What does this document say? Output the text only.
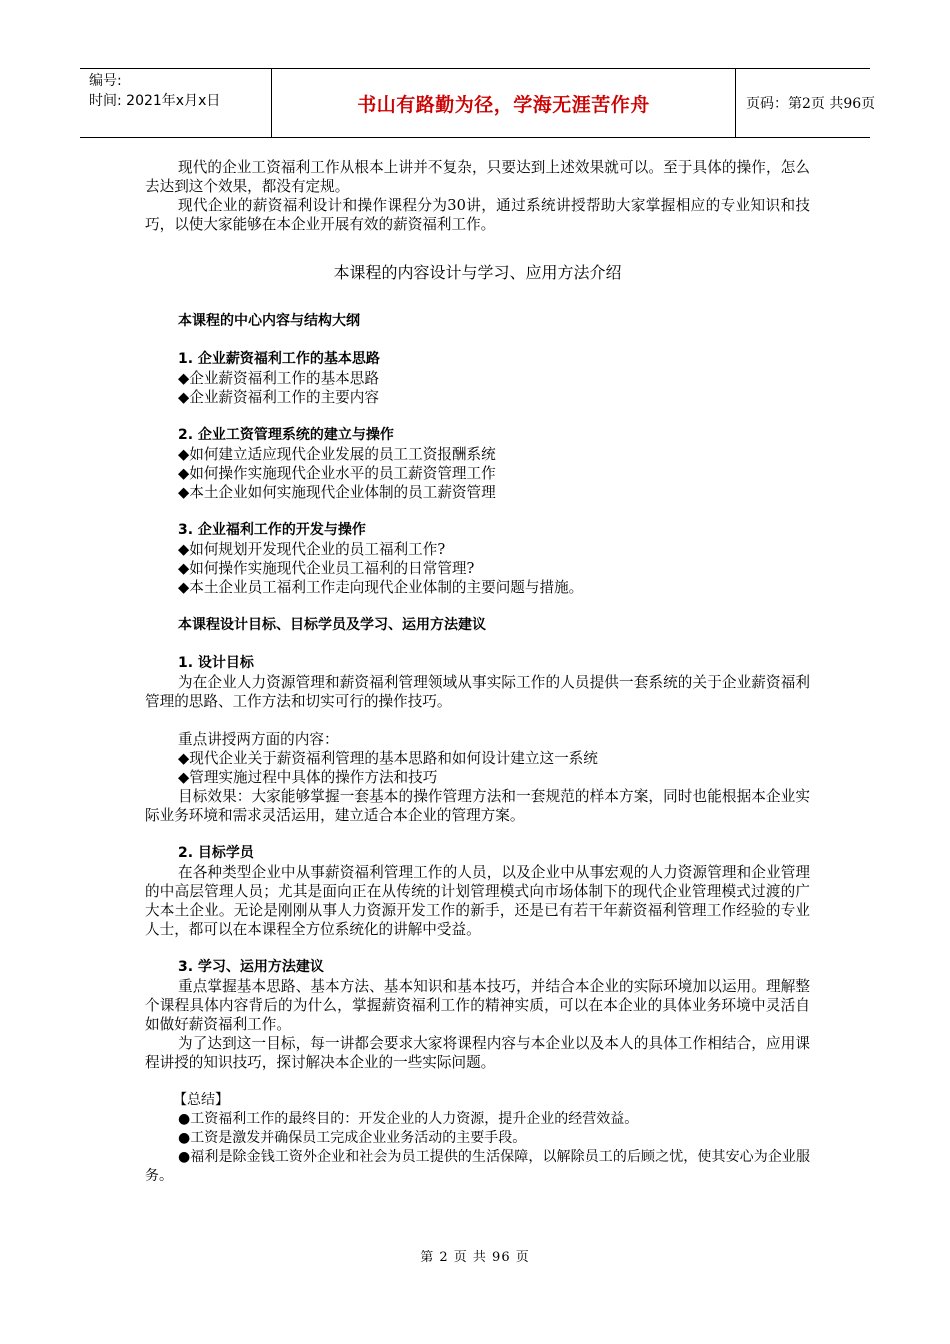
编号:
时间: 2021年x月x日	书山有路勤为径，学海无涯苦作舟	页码：第2页 共96页

现代的企业工资福利工作从根本上讲并不复杂，只要达到上述效果就可以。至于具体的操作，怎么去达到这个效果，都没有定规。

现代企业的薪资福利设计和操作课程分为30讲，通过系统讲授帮助大家掌握相应的专业知识和技巧，以使大家能够在本企业开展有效的薪资福利工作。

本课程的内容设计与学习、应用方法介绍

本课程的中心内容与结构大纲

1. 企业薪资福利工作的基本思路

◆企业薪资福利工作的基本思路

◆企业薪资福利工作的主要内容

2. 企业工资管理系统的建立与操作

◆如何建立适应现代企业发展的员工工资报酬系统

◆如何操作实施现代企业水平的员工薪资管理工作

◆本土企业如何实施现代企业体制的员工薪资管理

3. 企业福利工作的开发与操作

◆如何规划开发现代企业的员工福利工作?

◆如何操作实施现代企业员工福利的日常管理?

◆本土企业员工福利工作走向现代企业体制的主要问题与措施。

本课程设计目标、目标学员及学习、运用方法建议

1. 设计目标

为在企业人力资源管理和薪资福利管理领域从事实际工作的人员提供一套系统的关于企业薪资福利管理的思路、工作方法和切实可行的操作技巧。

重点讲授两方面的内容：

◆现代企业关于薪资福利管理的基本思路和如何设计建立这一系统

◆管理实施过程中具体的操作方法和技巧

目标效果：大家能够掌握一套基本的操作管理方法和一套规范的样本方案，同时也能根据本企业实际业务环境和需求灵活运用，建立适合本企业的管理方案。

2. 目标学员

在各种类型企业中从事薪资福利管理工作的人员，以及企业中从事宏观的人力资源管理和企业管理的中高层管理人员；尤其是面向正在从传统的计划管理模式向市场体制下的现代企业管理模式过渡的广大本土企业。无论是刚刚从事人力资源开发工作的新手，还是已有若干年薪资福利管理工作经验的专业人士，都可以在本课程全方位系统化的讲解中受益。

3. 学习、运用方法建议

重点掌握基本思路、基本方法、基本知识和基本技巧，并结合本企业的实际环境加以运用。理解整个课程具体内容背后的为什么，掌握薪资福利工作的精神实质，可以在本企业的具体业务环境中灵活自如做好薪资福利工作。

为了达到这一目标，每一讲都会要求大家将课程内容与本企业以及本人的具体工作相结合，应用课程讲授的知识技巧，探讨解决本企业的一些实际问题。

【总结】

●工资福利工作的最终目的：开发企业的人力资源，提升企业的经营效益。

●工资是激发并确保员工完成企业业务活动的主要手段。

●福利是除金钱工资外企业和社会为员工提供的生活保障，以解除员工的后顾之忧，使其安心为企业服务。

第 2 页 共 96 页
